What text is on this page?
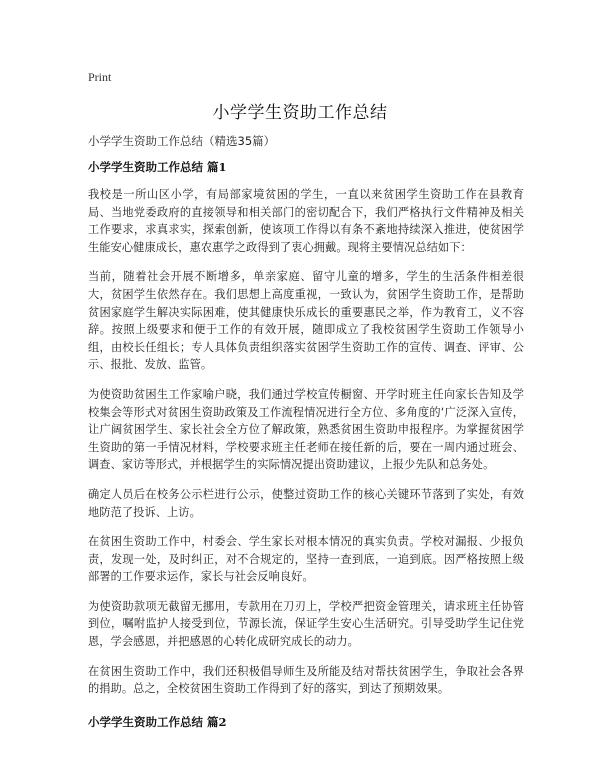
Print
小学学生资助工作总结
小学学生资助工作总结（精选35篇）
小学学生资助工作总结 篇1
我校是一所山区小学，有局部家境贫困的学生，一直以来贫困学生资助工作在县教育局、当地党委政府的直接领导和相关部门的密切配合下，我们严格执行文件精神及相关工作要求，求真求实，探索创新，使该项工作得以有条不紊地持续深入推进，使贫困学生能安心健康成长，惠农惠学之政得到了衷心拥戴。现将主要情况总结如下：
当前，随着社会开展不断增多，单亲家庭、留守儿童的增多，学生的生活条件相差很大，贫困学生依然存在。我们思想上高度重视，一致认为，贫困学生资助工作，是帮助贫困家庭学生解决实际困难，使其健康快乐成长的重要惠民之举，作为教育工，义不容辞。按照上级要求和便于工作的有效开展，随即成立了我校贫困学生资助工作领导小组，由校长任组长；专人具体负责组织落实贫困学生资助工作的宣传、调查、评审、公示、报批、发放、监管。
为使资助贫困生工作家喻户晓，我们通过学校宣传橱窗、开学时班主任向家长告知及学校集会等形式对贫困生资助政策及工作流程情况进行全方位、多角度的‘广泛深入宣传，让广阔贫困学生、家长社会全方位了解政策，熟悉贫困生资助申报程序。为掌握贫困学生资助的第一手情况材料，学校要求班主任老师在接任新的后，要在一周内通过班会、调查、家访等形式，并根据学生的实际情况提出资助建议，上报少先队和总务处。
确定人员后在校务公示栏进行公示，使整过资助工作的核心关键环节落到了实处，有效地防范了投诉、上访。
在贫困生资助工作中，村委会、学生家长对根本情况的真实负责。学校对漏报、少报负责，发现一处，及时纠正，对不合规定的，坚持一查到底，一追到底。因严格按照上级部署的工作要求运作，家长与社会反响良好。
为使资助款项无截留无挪用，专款用在刀刃上，学校严把资金管理关，请求班主任协管到位，嘱咐监护人接受到位，节源长流，保证学生安心生活研究。引导受助学生记住党恩，学会感恩，并把感恩的心转化成研究成长的动力。
在贫困生资助工作中，我们还积极倡导师生及所能及结对帮扶贫困学生，争取社会各界的捐助。总之，全校贫困生资助工作得到了好的落实，到达了预期效果。
小学学生资助工作总结 篇2
